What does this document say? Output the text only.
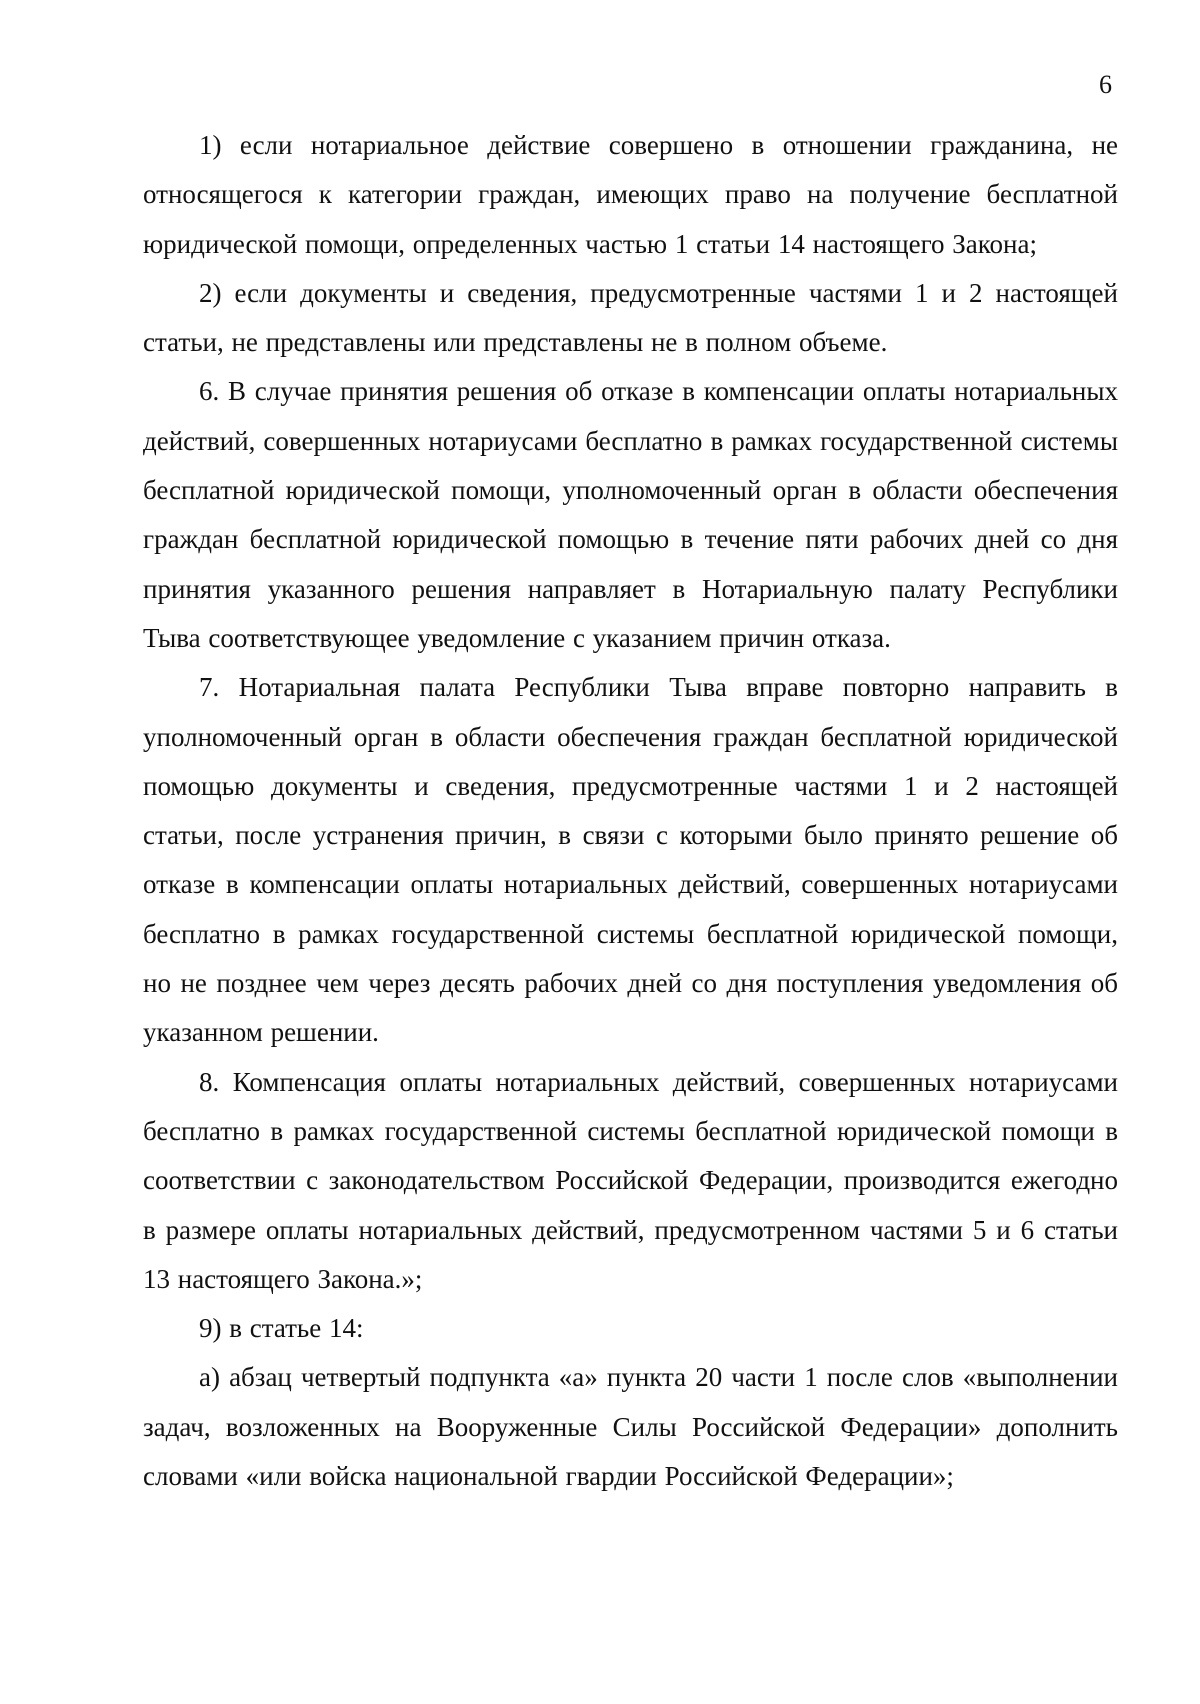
6

1) если нотариальное действие совершено в отношении гражданина, не относящегося к категории граждан, имеющих право на получение бесплатной юридической помощи, определенных частью 1 статьи 14 настоящего Закона;

2) если документы и сведения, предусмотренные частями 1 и 2 настоящей статьи, не представлены или представлены не в полном объеме.

6. В случае принятия решения об отказе в компенсации оплаты нотариальных действий, совершенных нотариусами бесплатно в рамках государственной системы бесплатной юридической помощи, уполномоченный орган в области обеспечения граждан бесплатной юридической помощью в течение пяти рабочих дней со дня принятия указанного решения направляет в Нотариальную палату Республики Тыва соответствующее уведомление с указанием причин отказа.

7. Нотариальная палата Республики Тыва вправе повторно направить в уполномоченный орган в области обеспечения граждан бесплатной юридической помощью документы и сведения, предусмотренные частями 1 и 2 настоящей статьи, после устранения причин, в связи с которыми было принято решение об отказе в компенсации оплаты нотариальных действий, совершенных нотариусами бесплатно в рамках государственной системы бесплатной юридической помощи, но не позднее чем через десять рабочих дней со дня поступления уведомления об указанном решении.

8. Компенсация оплаты нотариальных действий, совершенных нотариусами бесплатно в рамках государственной системы бесплатной юридической помощи в соответствии с законодательством Российской Федерации, производится ежегодно в размере оплаты нотариальных действий, предусмотренном частями 5 и 6 статьи 13 настоящего Закона.»;

9) в статье 14:

а) абзац четвертый подпункта «а» пункта 20 части 1 после слов «выполнении задач, возложенных на Вооруженные Силы Российской Федерации» дополнить словами «или войска национальной гвардии Российской Федерации»;
